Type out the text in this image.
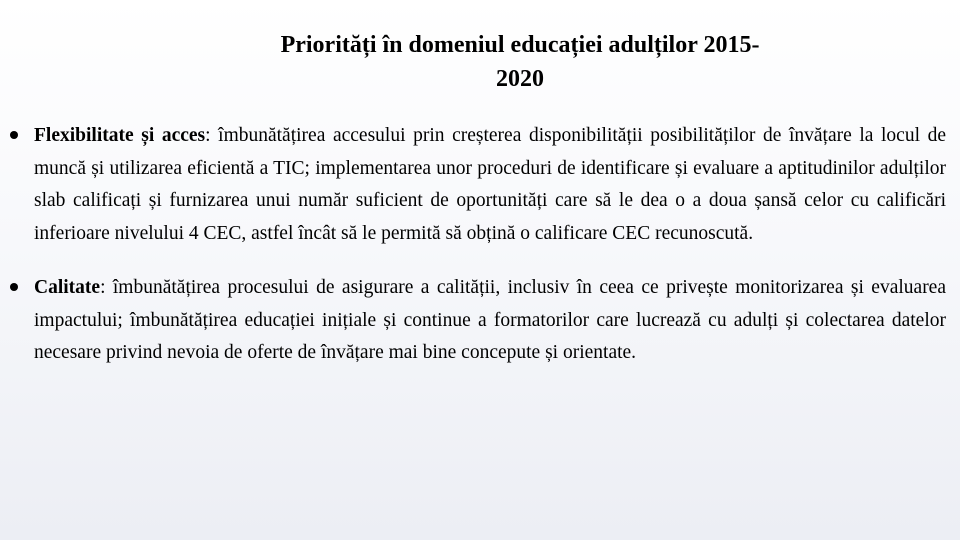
Priorități în domeniul educației adulților 2015-
2020

Flexibilitate și acces: îmbunătățirea accesului prin creșterea disponibilității posibilităților de învățare la locul de muncă și utilizarea eficientă a TIC; implementarea unor proceduri de identificare și evaluare a aptitudinilor adulților slab calificați și furnizarea unui număr suficient de oportunități care să le dea o a doua șansă celor cu calificări inferioare nivelului 4 CEC, astfel încât să le permită să obțină o calificare CEC recunoscută.

Calitate: îmbunătățirea procesului de asigurare a calității, inclusiv în ceea ce privește monitorizarea și evaluarea impactului; îmbunătățirea educației inițiale și continue a formatorilor care lucrează cu adulți și colectarea datelor necesare privind nevoia de oferte de învățare mai bine concepute și orientate.
